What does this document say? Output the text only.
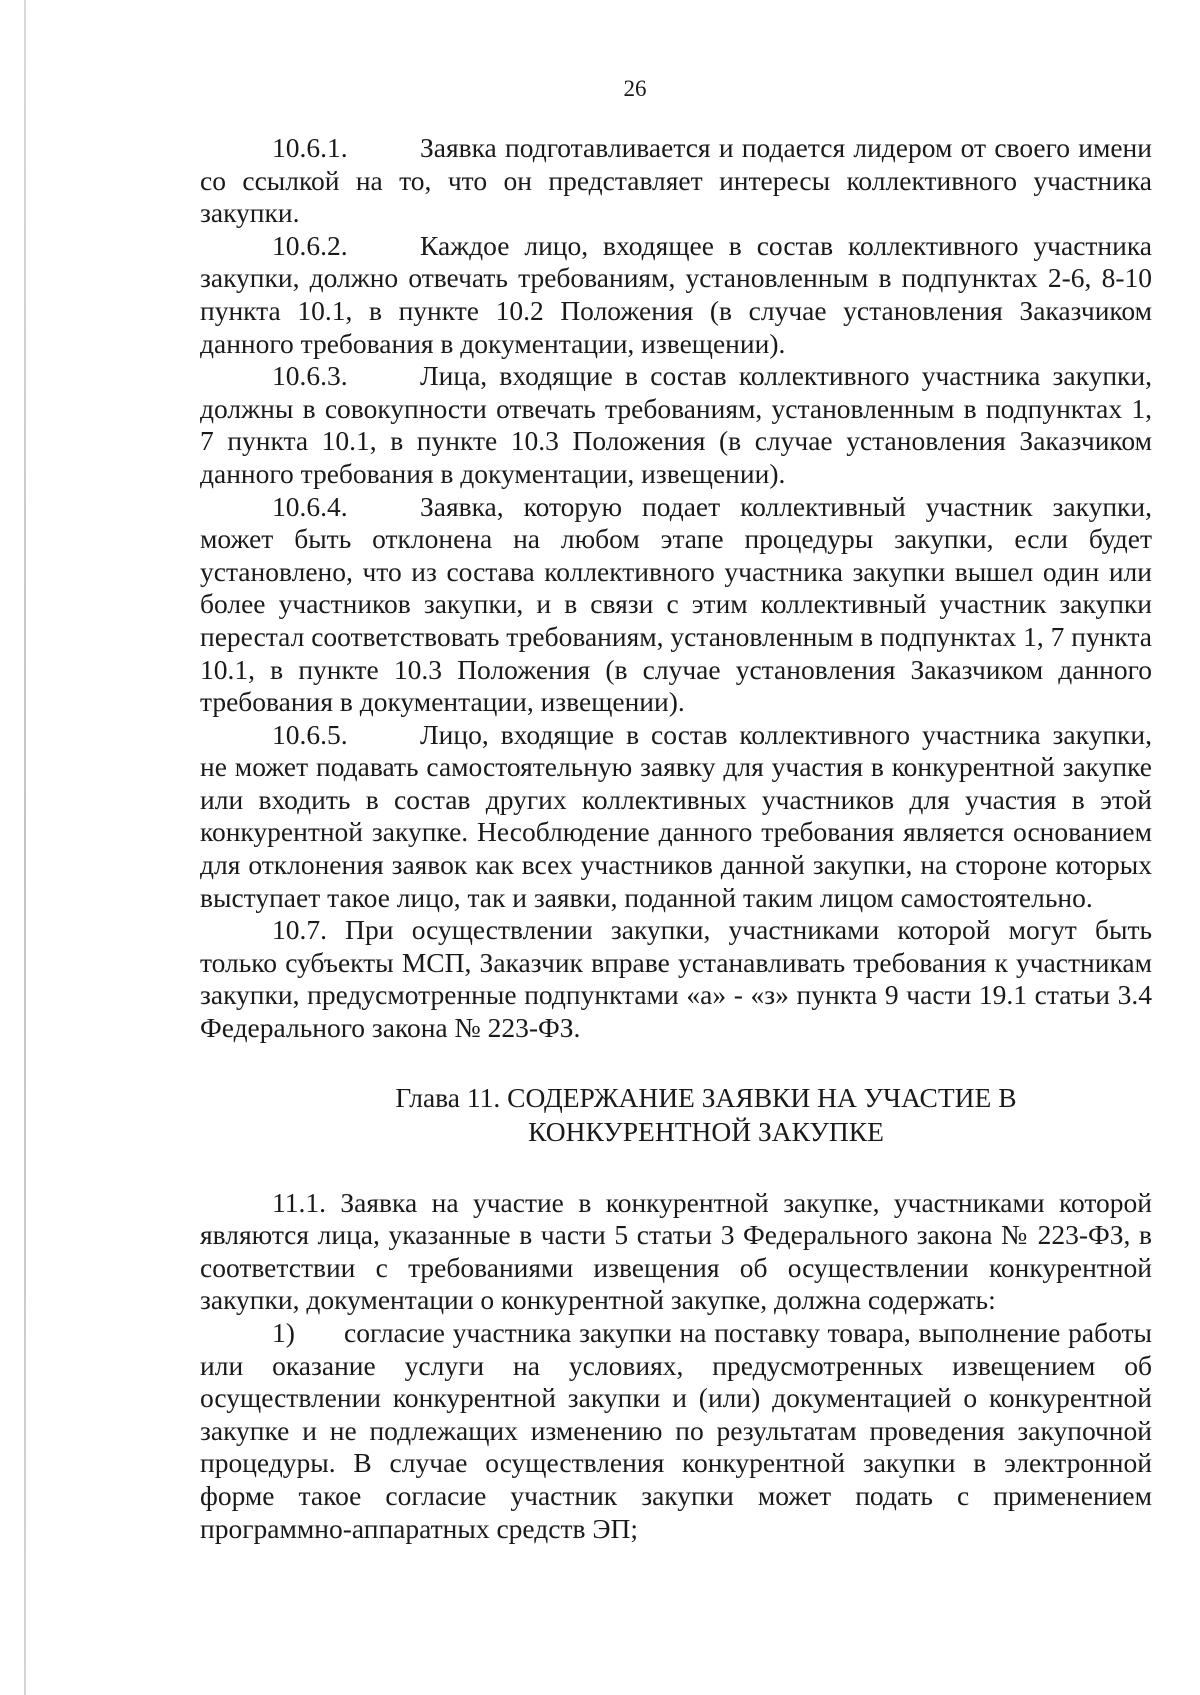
26

10.6.1.	Заявка подготавливается и подается лидером от своего имени со ссылкой на то, что он представляет интересы коллективного участника закупки.

10.6.2.	Каждое лицо, входящее в состав коллективного участника закупки, должно отвечать требованиям, установленным в подпунктах 2-6, 8-10 пункта 10.1, в пункте 10.2 Положения (в случае установления Заказчиком данного требования в документации, извещении).

10.6.3.	Лица, входящие в состав коллективного участника закупки, должны в совокупности отвечать требованиям, установленным в подпунктах 1, 7 пункта 10.1, в пункте 10.3 Положения (в случае установления Заказчиком данного требования в документации, извещении).

10.6.4.	Заявка, которую подает коллективный участник закупки, может быть отклонена на любом этапе процедуры закупки, если будет установлено, что из состава коллективного участника закупки вышел один или более участников закупки, и в связи с этим коллективный участник закупки перестал соответствовать требованиям, установленным в подпунктах 1, 7 пункта 10.1, в пункте 10.3 Положения (в случае установления Заказчиком данного требования в документации, извещении).

10.6.5.	Лицо, входящие в состав коллективного участника закупки, не может подавать самостоятельную заявку для участия в конкурентной закупке или входить в состав других коллективных участников для участия в этой конкурентной закупке. Несоблюдение данного требования является основанием для отклонения заявок как всех участников данной закупки, на стороне которых выступает такое лицо, так и заявки, поданной таким лицом самостоятельно.

10.7. При осуществлении закупки, участниками которой могут быть только субъекты МСП, Заказчик вправе устанавливать требования к участникам закупки, предусмотренные подпунктами «а» - «з» пункта 9 части 19.1 статьи 3.4 Федерального закона № 223-ФЗ.

Глава 11. СОДЕРЖАНИЕ ЗАЯВКИ НА УЧАСТИЕ В
КОНКУРЕНТНОЙ ЗАКУПКЕ

11.1. Заявка на участие в конкурентной закупке, участниками которой являются лица, указанные в части 5 статьи 3 Федерального закона № 223-ФЗ, в соответствии с требованиями извещения об осуществлении конкурентной закупки, документации о конкурентной закупке, должна содержать:

1) согласие участника закупки на поставку товара, выполнение работы или оказание услуги на условиях, предусмотренных извещением об осуществлении конкурентной закупки и (или) документацией о конкурентной закупке и не подлежащих изменению по результатам проведения закупочной процедуры. В случае осуществления конкурентной закупки в электронной форме такое согласие участник закупки может подать с применением программно-аппаратных средств ЭП;
